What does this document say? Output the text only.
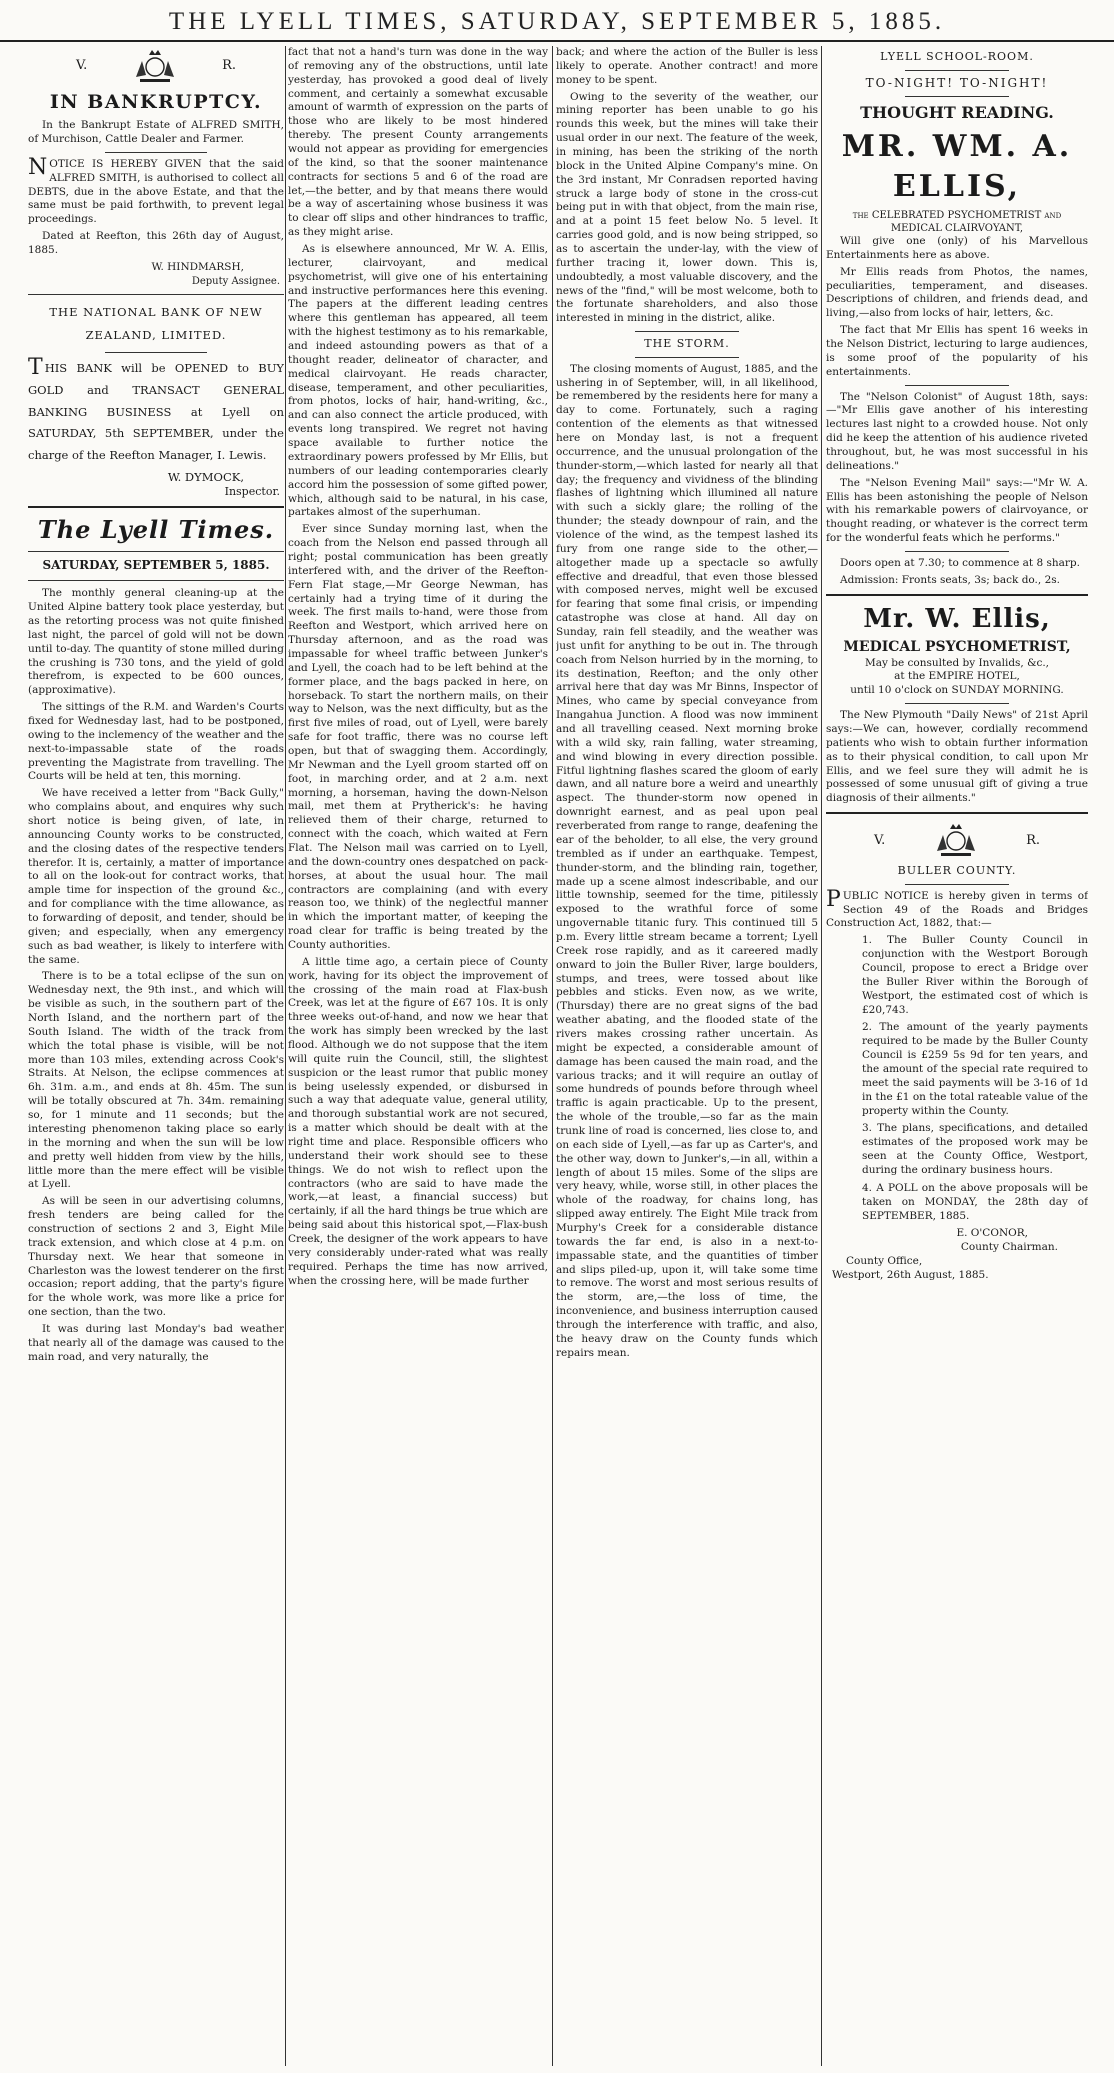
THE LYELL TIMES, SATURDAY, SEPTEMBER 5, 1885.
V.	R.
IN BANKRUPTCY.

In the Bankrupt Estate of ALFRED SMITH, of Murchison, Cattle Dealer and Farmer.

NOTICE IS HEREBY GIVEN that the said ALFRED SMITH, is authorised to collect all DEBTS, due in the above Estate, and that the same must be paid forthwith, to prevent legal proceedings.

Dated at Reefton, this 26th day of August, 1885.

W. HINDMARSH,
Deputy Assignee.
THE NATIONAL BANK OF NEW ZEALAND, LIMITED.

THIS BANK will be OPENED to BUY GOLD and TRANSACT GENERAL BANKING BUSINESS at Lyell on SATURDAY, 5th SEPTEMBER, under the charge of the Reefton Manager, I. Lewis.

W. DYMOCK,
Inspector.
The Lyell Times.
SATURDAY, SEPTEMBER 5, 1885.

The monthly general cleaning-up at the United Alpine battery took place yesterday, but as the retorting process was not quite finished last night, the parcel of gold will not be down until to-day. The quantity of stone milled during the crushing is 730 tons, and the yield of gold therefrom, is expected to be 600 ounces, (approximative).

The sittings of the R.M. and Warden's Courts fixed for Wednesday last, had to be postponed, owing to the inclemency of the weather and the next-to-impassable state of the roads preventing the Magistrate from travelling. The Courts will be held at ten, this morning.

We have received a letter from "Back Gully," who complains about, and enquires why such short notice is being given, of late, in announcing County works to be constructed, and the closing dates of the respective tenders therefor. It is, certainly, a matter of importance to all on the look-out for contract works, that ample time for inspection of the ground &c., and for compliance with the time allowance, as to forwarding of deposit, and tender, should be given; and especially, when any emergency such as bad weather, is likely to interfere with the same.

There is to be a total eclipse of the sun on Wednesday next, the 9th inst., and which will be visible as such, in the southern part of the North Island, and the northern part of the South Island. The width of the track from which the total phase is visible, will be not more than 103 miles, extending across Cook's Straits. At Nelson, the eclipse commences at 6h. 31m. a.m., and ends at 8h. 45m. The sun will be totally obscured at 7h. 34m. remaining so, for 1 minute and 11 seconds; but the interesting phenomenon taking place so early in the morning and when the sun will be low and pretty well hidden from view by the hills, little more than the mere effect will be visible at Lyell.

As will be seen in our advertising columns, fresh tenders are being called for the construction of sections 2 and 3, Eight Mile track extension, and which close at 4 p.m. on Thursday next. We hear that someone in Charleston was the lowest tenderer on the first occasion; report adding, that the party's figure for the whole work, was more like a price for one section, than the two.

It was during last Monday's bad weather that nearly all of the damage was caused to the main road, and very naturally, the

fact that not a hand's turn was done in the way of removing any of the obstructions, until late yesterday, has provoked a good deal of lively comment, and certainly a somewhat excusable amount of warmth of expression on the parts of those who are likely to be most hindered thereby. The present County arrangements would not appear as providing for emergencies of the kind, so that the sooner maintenance contracts for sections 5 and 6 of the road are let,—the better, and by that means there would be a way of ascertaining whose business it was to clear off slips and other hindrances to traffic, as they might arise.

As is elsewhere announced, Mr W. A. Ellis, lecturer, clairvoyant, and medical psychometrist, will give one of his entertaining and instructive performances here this evening. The papers at the different leading centres where this gentleman has appeared, all teem with the highest testimony as to his remarkable, and indeed astounding powers as that of a thought reader, delineator of character, and medical clairvoyant. He reads character, disease, temperament, and other peculiarities, from photos, locks of hair, hand-writing, &c., and can also connect the article produced, with events long transpired. We regret not having space available to further notice the extraordinary powers professed by Mr Ellis, but numbers of our leading contemporaries clearly accord him the possession of some gifted power, which, although said to be natural, in his case, partakes almost of the superhuman.

Ever since Sunday morning last, when the coach from the Nelson end passed through all right; postal communication has been greatly interfered with, and the driver of the Reefton-Fern Flat stage,—Mr George Newman, has certainly had a trying time of it during the week. The first mails to-hand, were those from Reefton and Westport, which arrived here on Thursday afternoon, and as the road was impassable for wheel traffic between Junker's and Lyell, the coach had to be left behind at the former place, and the bags packed in here, on horseback. To start the northern mails, on their way to Nelson, was the next difficulty, but as the first five miles of road, out of Lyell, were barely safe for foot traffic, there was no course left open, but that of swagging them. Accordingly, Mr Newman and the Lyell groom started off on foot, in marching order, and at 2 a.m. next morning, a horseman, having the down-Nelson mail, met them at Prytherick's: he having relieved them of their charge, returned to connect with the coach, which waited at Fern Flat. The Nelson mail was carried on to Lyell, and the down-country ones despatched on pack-horses, at about the usual hour. The mail contractors are complaining (and with every reason too, we think) of the neglectful manner in which the important matter, of keeping the road clear for traffic is being treated by the County authorities.

A little time ago, a certain piece of County work, having for its object the improvement of the crossing of the main road at Flax-bush Creek, was let at the figure of £67 10s. It is only three weeks out-of-hand, and now we hear that the work has simply been wrecked by the last flood. Although we do not suppose that the item will quite ruin the Council, still, the slightest suspicion or the least rumor that public money is being uselessly expended, or disbursed in such a way that adequate value, general utility, and thorough substantial work are not secured, is a matter which should be dealt with at the right time and place. Responsible officers who understand their work should see to these things. We do not wish to reflect upon the contractors (who are said to have made the work,—at least, a financial success) but certainly, if all the hard things be true which are being said about this historical spot,—Flax-bush Creek, the designer of the work appears to have very considerably under-rated what was really required. Perhaps the time has now arrived, when the crossing here, will be made further

back; and where the action of the Buller is less likely to operate. Another contract! and more money to be spent.

Owing to the severity of the weather, our mining reporter has been unable to go his rounds this week, but the mines will take their usual order in our next. The feature of the week, in mining, has been the striking of the north block in the United Alpine Company's mine. On the 3rd instant, Mr Conradsen reported having struck a large body of stone in the cross-cut being put in with that object, from the main rise, and at a point 15 feet below No. 5 level. It carries good gold, and is now being stripped, so as to ascertain the under-lay, with the view of further tracing it, lower down. This is, undoubtedly, a most valuable discovery, and the news of the "find," will be most welcome, both to the fortunate shareholders, and also those interested in mining in the district, alike.

THE STORM.

The closing moments of August, 1885, and the ushering in of September, will, in all likelihood, be remembered by the residents here for many a day to come. Fortunately, such a raging contention of the elements as that witnessed here on Monday last, is not a frequent occurrence, and the unusual prolongation of the thunder-storm,—which lasted for nearly all that day; the frequency and vividness of the blinding flashes of lightning which illumined all nature with such a sickly glare; the rolling of the thunder; the steady downpour of rain, and the violence of the wind, as the tempest lashed its fury from one range side to the other,—altogether made up a spectacle so awfully effective and dreadful, that even those blessed with composed nerves, might well be excused for fearing that some final crisis, or impending catastrophe was close at hand. All day on Sunday, rain fell steadily, and the weather was just unfit for anything to be out in. The through coach from Nelson hurried by in the morning, to its destination, Reefton; and the only other arrival here that day was Mr Binns, Inspector of Mines, who came by special conveyance from Inangahua Junction. A flood was now imminent and all travelling ceased. Next morning broke with a wild sky, rain falling, water streaming, and wind blowing in every direction possible. Fitful lightning flashes scared the gloom of early dawn, and all nature bore a weird and unearthly aspect. The thunder-storm now opened in downright earnest, and as peal upon peal reverberated from range to range, deafening the ear of the beholder, to all else, the very ground trembled as if under an earthquake. Tempest, thunder-storm, and the blinding rain, together, made up a scene almost indescribable, and our little township, seemed for the time, pitilessly exposed to the wrathful force of some ungovernable titanic fury. This continued till 5 p.m. Every little stream became a torrent; Lyell Creek rose rapidly, and as it careered madly onward to join the Buller River, large boulders, stumps, and trees, were tossed about like pebbles and sticks. Even now, as we write, (Thursday) there are no great signs of the bad weather abating, and the flooded state of the rivers makes crossing rather uncertain. As might be expected, a considerable amount of damage has been caused the main road, and the various tracks; and it will require an outlay of some hundreds of pounds before through wheel traffic is again practicable. Up to the present, the whole of the trouble,—so far as the main trunk line of road is concerned, lies close to, and on each side of Lyell,—as far up as Carter's, and the other way, down to Junker's,—in all, within a length of about 15 miles. Some of the slips are very heavy, while, worse still, in other places the whole of the roadway, for chains long, has slipped away entirely. The Eight Mile track from Murphy's Creek for a considerable distance towards the far end, is also in a next-to-impassable state, and the quantities of timber and slips piled-up, upon it, will take some time to remove. The worst and most serious results of the storm, are,—the loss of time, the inconvenience, and business interruption caused through the interference with traffic, and also, the heavy draw on the County funds which repairs mean.

LYELL SCHOOL-ROOM.
TO-NIGHT! TO-NIGHT!
THOUGHT READING.
MR. WM. A. ELLIS,
the CELEBRATED PSYCHOMETRIST and MEDICAL CLAIRVOYANT,

Will give one (only) of his Marvellous Entertainments here as above.

Mr Ellis reads from Photos, the names, peculiarities, temperament, and diseases. Descriptions of children, and friends dead, and living,—also from locks of hair, letters, &c.

The fact that Mr Ellis has spent 16 weeks in the Nelson District, lecturing to large audiences, is some proof of the popularity of his entertainments.

The "Nelson Colonist" of August 18th, says:—"Mr Ellis gave another of his interesting lectures last night to a crowded house. Not only did he keep the attention of his audience riveted throughout, but, he was most successful in his delineations."

The "Nelson Evening Mail" says:—"Mr W. A. Ellis has been astonishing the people of Nelson with his remarkable powers of clairvoyance, or thought reading, or whatever is the correct term for the wonderful feats which he performs."

Doors open at 7.30; to commence at 8 sharp.

Admission: Fronts seats, 3s; back do., 2s.

Mr. W. Ellis,
MEDICAL PSYCHOMETRIST,
May be consulted by Invalids, &c.,
at the EMPIRE HOTEL,
until 10 o'clock on SUNDAY MORNING.

The New Plymouth "Daily News" of 21st April says:—We can, however, cordially recommend patients who wish to obtain further information as to their physical condition, to call upon Mr Ellis, and we feel sure they will admit he is possessed of some unusual gift of giving a true diagnosis of their ailments."

V.	R.
BULLER COUNTY.

PUBLIC NOTICE is hereby given in terms of Section 49 of the Roads and Bridges Construction Act, 1882, that:—

1. The Buller County Council in conjunction with the Westport Borough Council, propose to erect a Bridge over the Buller River within the Borough of Westport, the estimated cost of which is £20,743.
2. The amount of the yearly payments required to be made by the Buller County Council is £259 5s 9d for ten years, and the amount of the special rate required to meet the said payments will be 3-16 of 1d in the £1 on the total rateable value of the property within the County.
3. The plans, specifications, and detailed estimates of the proposed work may be seen at the County Office, Westport, during the ordinary business hours.
4. A POLL on the above proposals will be taken on MONDAY, the 28th day of SEPTEMBER, 1885.
E. O'CONOR,
County Chairman.
County Office,
Westport, 26th August, 1885.
